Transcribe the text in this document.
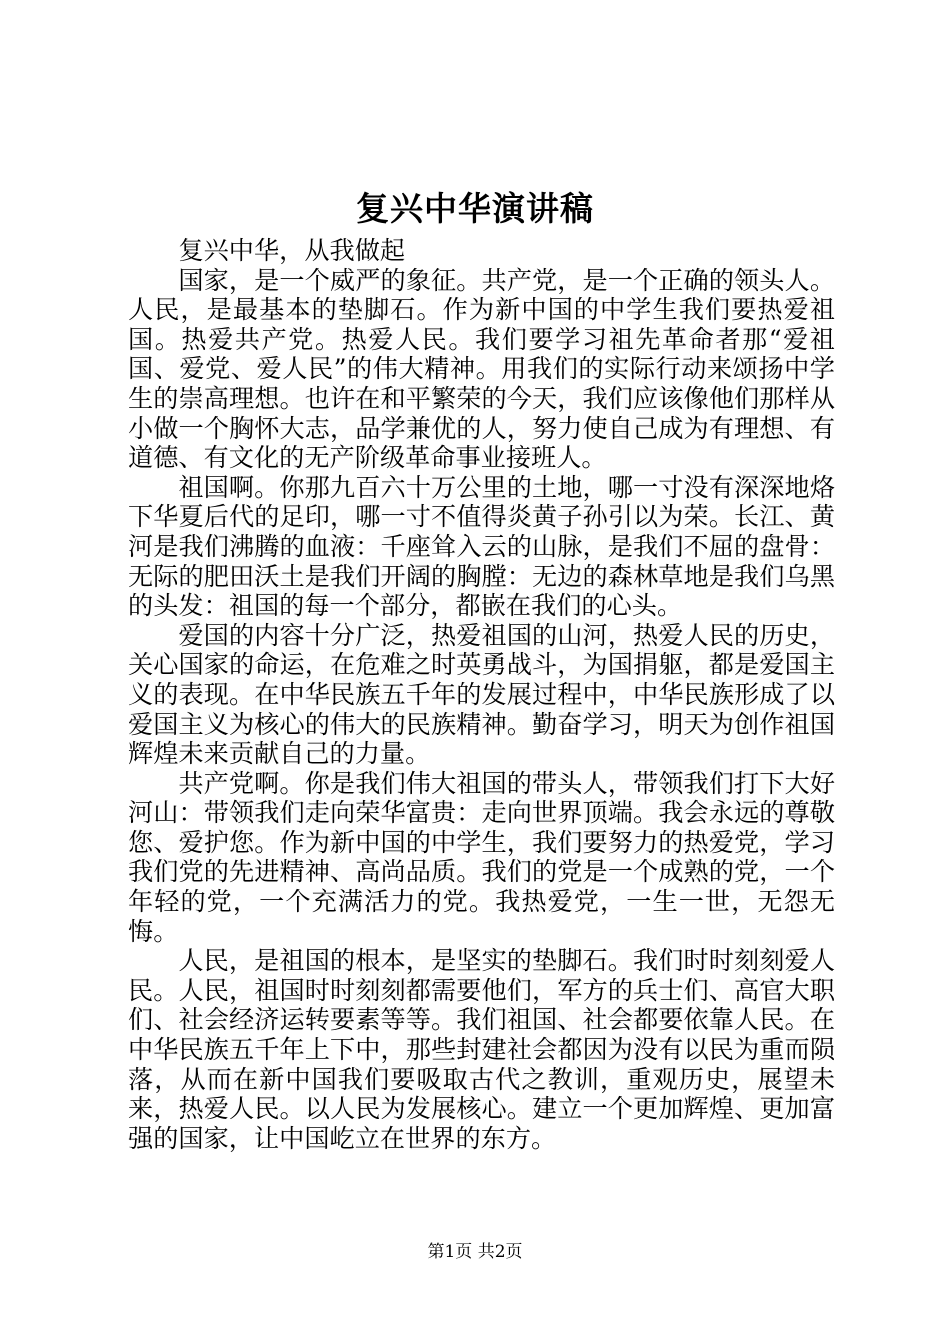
复兴中华演讲稿

复兴中华，从我做起

国家，是一个威严的象征。共产党，是一个正确的领头人。人民，是最基本的垫脚石。作为新中国的中学生我们要热爱祖国。热爱共产党。热爱人民。我们要学习祖先革命者那“爱祖国、爱党、爱人民”的伟大精神。用我们的实际行动来颂扬中学生的崇高理想。也许在和平繁荣的今天，我们应该像他们那样从小做一个胸怀大志，品学兼优的人，努力使自己成为有理想、有道德、有文化的无产阶级革命事业接班人。

祖国啊。你那九百六十万公里的土地，哪一寸没有深深地烙下华夏后代的足印，哪一寸不值得炎黄子孙引以为荣。长江、黄河是我们沸腾的血液：千座耸入云的山脉，是我们不屈的盘骨：无际的肥田沃土是我们开阔的胸膛：无边的森林草地是我们乌黑的头发：祖国的每一个部分，都嵌在我们的心头。

爱国的内容十分广泛，热爱祖国的山河，热爱人民的历史，关心国家的命运，在危难之时英勇战斗，为国捐躯，都是爱国主义的表现。在中华民族五千年的发展过程中，中华民族形成了以爱国主义为核心的伟大的民族精神。勤奋学习，明天为创作祖国辉煌未来贡献自己的力量。

共产党啊。你是我们伟大祖国的带头人，带领我们打下大好河山：带领我们走向荣华富贵：走向世界顶端。我会永远的尊敬您、爱护您。作为新中国的中学生，我们要努力的热爱党，学习我们党的先进精神、高尚品质。我们的党是一个成熟的党，一个年轻的党，一个充满活力的党。我热爱党，一生一世，无怨无悔。

人民，是祖国的根本，是坚实的垫脚石。我们时时刻刻爱人民。人民，祖国时时刻刻都需要他们，军方的兵士们、高官大职们、社会经济运转要素等等。我们祖国、社会都要依靠人民。在中华民族五千年上下中，那些封建社会都因为没有以民为重而陨落，从而在新中国我们要吸取古代之教训，重观历史，展望未来，热爱人民。以人民为发展核心。建立一个更加辉煌、更加富强的国家，让中国屹立在世界的东方。

第1页 共2页
